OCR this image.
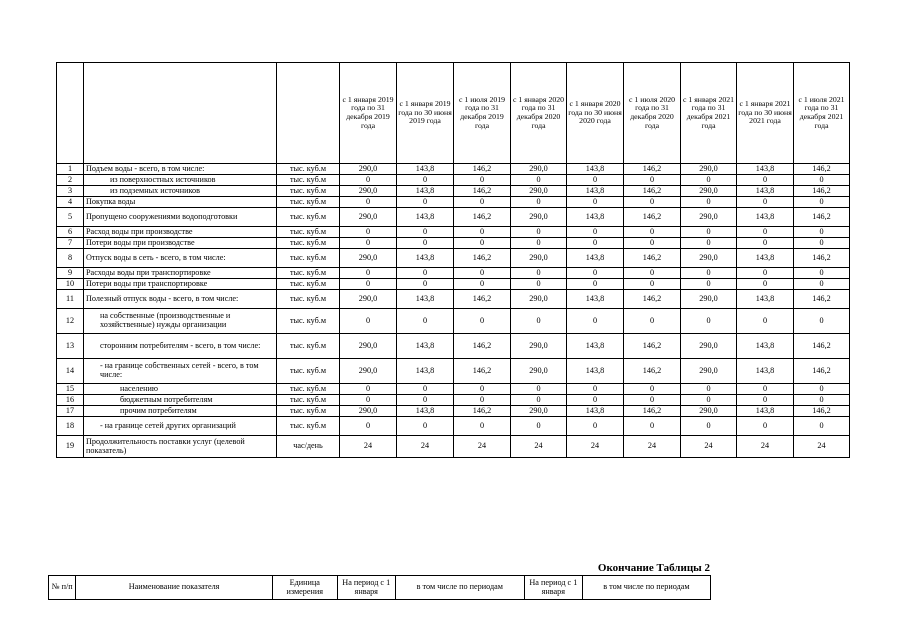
			с 1 января 2019 года по 31 декабря 2019 года	с 1 января 2019 года по 30 июня 2019 года	с 1 июля 2019 года по 31 декабря 2019 года	с 1 января 2020 года по 31 декабря 2020 года	с 1 января 2020 года по 30 июня 2020 года	с 1 июля 2020 года по 31 декабря 2020 года	с 1 января 2021 года по 31 декабря 2021 года	с 1 января 2021 года по 30 июня 2021 года	с 1 июля 2021 года по 31 декабря 2021 года
1	Подъем воды - всего, в том числе:	тыс. куб.м	290,0	143,8	146,2	290,0	143,8	146,2	290,0	143,8	146,2
2	из поверхностных источников	тыс. куб.м	0	0	0	0	0	0	0	0	0
3	из подземных источников	тыс. куб.м	290,0	143,8	146,2	290,0	143,8	146,2	290,0	143,8	146,2
4	Покупка воды	тыс. куб.м	0	0	0	0	0	0	0	0	0
5	Пропущено сооружениями водоподготовки	тыс. куб.м	290,0	143,8	146,2	290,0	143,8	146,2	290,0	143,8	146,2
6	Расход воды при производстве	тыс. куб.м	0	0	0	0	0	0	0	0	0
7	Потери воды при производстве	тыс. куб.м	0	0	0	0	0	0	0	0	0
8	Отпуск воды в сеть - всего, в том числе:	тыс. куб.м	290,0	143,8	146,2	290,0	143,8	146,2	290,0	143,8	146,2
9	Расходы воды при транспортировке	тыс. куб.м	0	0	0	0	0	0	0	0	0
10	Потери воды при транспортировке	тыс. куб.м	0	0	0	0	0	0	0	0	0
11	Полезный отпуск воды - всего, в том числе:	тыс. куб.м	290,0	143,8	146,2	290,0	143,8	146,2	290,0	143,8	146,2
12	на собственные (производственные и хозяйственные) нужды организации	тыс. куб.м	0	0	0	0	0	0	0	0	0
13	сторонним потребителям - всего, в том числе:	тыс. куб.м	290,0	143,8	146,2	290,0	143,8	146,2	290,0	143,8	146,2
14	- на границе собственных сетей - всего, в том числе:	тыс. куб.м	290,0	143,8	146,2	290,0	143,8	146,2	290,0	143,8	146,2
15	населению	тыс. куб.м	0	0	0	0	0	0	0	0	0
16	бюджетным потребителям	тыс. куб.м	0	0	0	0	0	0	0	0	0
17	прочим потребителям	тыс. куб.м	290,0	143,8	146,2	290,0	143,8	146,2	290,0	143,8	146,2
18	- на границе сетей других организаций	тыс. куб.м	0	0	0	0	0	0	0	0	0
19	Продолжительность поставки услуг (целевой показатель)	час/день	24	24	24	24	24	24	24	24	24
Окончание Таблицы 2
№ п/п	Наименование показателя	Единица измерения	На период с 1 января	в том числе по периодам	На период с 1 января	в том числе по периодам
